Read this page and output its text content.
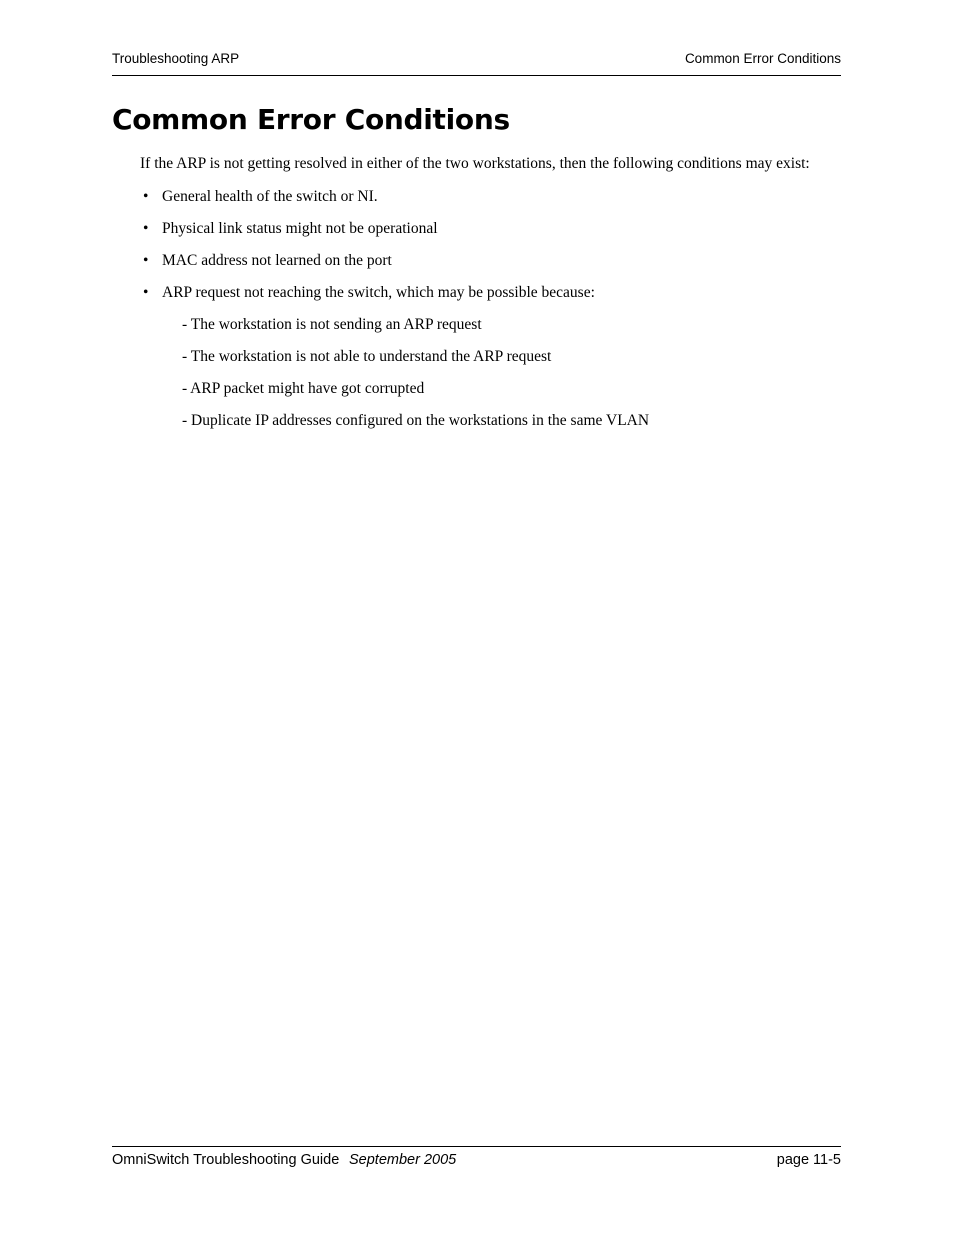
Troubleshooting ARP	Common Error Conditions
Common Error Conditions

If the ARP is not getting resolved in either of the two workstations, then the following conditions may exist:

• General health of the switch or NI.
• Physical link status might not be operational
• MAC address not learned on the port
• ARP request not reaching the switch, which may be possible because:
- The workstation is not sending an ARP request
- The workstation is not able to understand the ARP request
- ARP packet might have got corrupted
- Duplicate IP addresses configured on the workstations in the same VLAN
OmniSwitch Troubleshooting Guide September 2005	page 11-5
